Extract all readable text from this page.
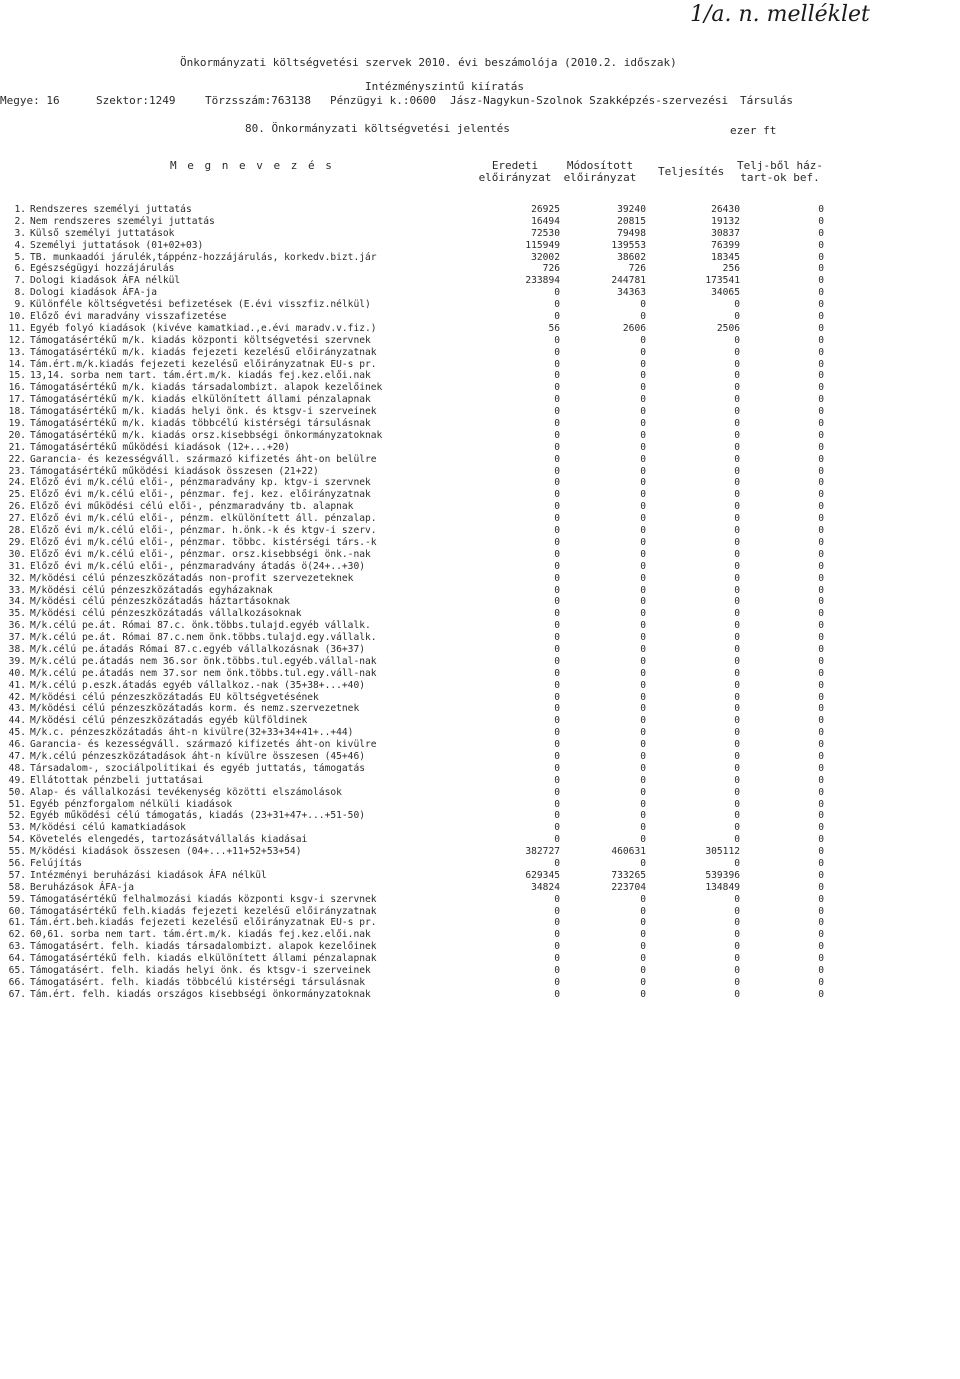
1/a. n. melléklet
Önkormányzati költségvetési szervek 2010. évi beszámolója (2010.2. időszak)
Intézményszintű kiíratás
Megye: 16	Szektor:1249	Törzsszám:763138 Pénzügyi k.:0600 Jász-Nagykun-Szolnok Szakképzés-szervezési Társulás
80. Önkormányzati költségvetési jelentés	ezer ft
M e g n e v e z é s	Eredeti
előirányzat
Módosított
előirányzat	Teljesítés	Telj-ből ház-
tart-ok bef.
1. Rendszeres személyi juttatás	26925	39240	26430	0
2. Nem rendszeres személyi juttatás	16494	20815	19132	0
3. Külső személyi juttatások	72530	79498	30837	0
4. Személyi juttatások (01+02+03)	115949	139553	76399	0
5. TB. munkaadói járulék,táppénz-hozzájárulás, korkedv.bizt.jár	32002	38602	18345	0
6. Egészségügyi hozzájárulás	726	726	256	0
7. Dologi kiadások ÁFA nélkül	233894	244781	173541	0
8. Dologi kiadások ÁFA-ja	0	34363	34065	0
9. Különféle költségvetési befizetések (E.évi visszfiz.nélkül)	0	0	0	0
10. Előző évi maradvány visszafizetése	0	0	0	0
11. Egyéb folyó kiadások (kivéve kamatkiad.,e.évi maradv.v.fiz.)	56	2606	2506	0
12. Támogatásértékű m/k. kiadás központi költségvetési szervnek	0	0	0	0
13. Támogatásértékű m/k. kiadás fejezeti kezelésű előirányzatnak	0	0	0	0
14. Tám.ért.m/k.kiadás fejezeti kezelésű előirányzatnak EU-s pr.	0	0	0	0
15. 13,14. sorba nem tart. tám.ért.m/k. kiadás fej.kez.elői.nak	0	0	0	0
16. Támogatásértékű m/k. kiadás társadalombizt. alapok kezelőinek	0	0	0	0
17. Támogatásértékű m/k. kiadás elkülönített állami pénzalapnak	0	0	0	0
18. Támogatásértékű m/k. kiadás helyi önk. és ktsgv-i szerveinek	0	0	0	0
19. Támogatásértékű m/k. kiadás többcélú kistérségi társulásnak	0	0	0	0
20. Támogatásértékű m/k. kiadás orsz.kisebbségi önkormányzatoknak	0	0	0	0
21. Támogatásértékű működési kiadások (12+...+20)	0	0	0	0
22. Garancia- és kezességváll. származó kifizetés áht-on belülre	0	0	0	0
23. Támogatásértékű működési kiadások összesen (21+22)	0	0	0	0
24. Előző évi m/k.célú elői-, pénzmaradvány kp. ktgv-i szervnek	0	0	0	0
25. Előző évi m/k.célú elői-, pénzmar. fej. kez. előirányzatnak	0	0	0	0
26. Előző évi működési célú elői-, pénzmaradvány tb. alapnak	0	0	0	0
27. Előző évi m/k.célú elői-, pénzm. elkülönített áll. pénzalap.	0	0	0	0
28. Előző évi m/k.célú elői-, pénzmar. h.önk.-k és ktgv-i szerv.	0	0	0	0
29. Előző évi m/k.célú elői-, pénzmar. többc. kistérségi társ.-k	0	0	0	0
30. Előző évi m/k.célú elői-, pénzmar. orsz.kisebbségi önk.-nak	0	0	0	0
31. Előző évi m/k.célú elői-, pénzmaradvány átadás ö(24+..+30)	0	0	0	0
32. M/ködési célú pénzeszközátadás non-profit szervezeteknek	0	0	0	0
33. M/ködési célú pénzeszközátadás egyházaknak	0	0	0	0
34. M/ködési célú pénzeszközátadás háztartásoknak	0	0	0	0
35. M/ködési célú pénzeszközátadás vállalkozásoknak	0	0	0	0
36. M/k.célú pe.át. Római 87.c. önk.többs.tulajd.egyéb vállalk.	0	0	0	0
37. M/k.célú pe.át. Római 87.c.nem önk.többs.tulajd.egy.vállalk.	0	0	0	0
38. M/k.célú pe.átadás Római 87.c.egyéb vállalkozásnak (36+37)	0	0	0	0
39. M/k.célú pe.átadás nem 36.sor önk.többs.tul.egyéb.vállal-nak	0	0	0	0
40. M/k.célú pe.átadás nem 37.sor nem önk.többs.tul.egy.váll-nak	0	0	0	0
41. M/k.célú p.eszk.átadás egyéb vállalkoz.-nak (35+38+...+40)	0	0	0	0
42. M/ködési célú pénzeszközátadás EU költségvetésének	0	0	0	0
43. M/ködési célú pénzeszközátadás korm. és nemz.szervezetnek	0	0	0	0
44. M/ködési célú pénzeszközátadás egyéb külföldinek	0	0	0	0
45. M/k.c. pénzeszközátadás áht-n kivülre(32+33+34+41+..+44)	0	0	0	0
46. Garancia- és kezességváll. származó kifizetés áht-on kivülre	0	0	0	0
47. M/k.célú pénzeszközátadások áht-n kívülre összesen (45+46)	0	0	0	0
48. Társadalom-, szociálpolitikai és egyéb juttatás, támogatás	0	0	0	0
49. Ellátottak pénzbeli juttatásai	0	0	0	0
50. Alap- és vállalkozási tevékenység közötti elszámolások	0	0	0	0
51. Egyéb pénzforgalom nélküli kiadások	0	0	0	0
52. Egyéb működési célú támogatás, kiadás (23+31+47+...+51-50)	0	0	0	0
53. M/ködési célú kamatkiadások	0	0	0	0
54. Követelés elengedés, tartozásátvállalás kiadásai	0	0	0	0
55. M/ködési kiadások összesen (04+...+11+52+53+54)	382727	460631	305112	0
56. Felújítás	0	0	0	0
57. Intézményi beruházási kiadások ÁFA nélkül	629345	733265	539396	0
58. Beruházások ÁFA-ja	34824	223704	134849	0
59. Támogatásértékű felhalmozási kiadás központi ksgv-i szervnek	0	0	0	0
60. Támogatásértékű felh.kiadás fejezeti kezelésű előirányzatnak	0	0	0	0
61. Tám.ért.beh.kiadás fejezeti kezelésű előirányzatnak EU-s pr.	0	0	0	0
62. 60,61. sorba nem tart. tám.ért.m/k. kiadás fej.kez.elői.nak	0	0	0	0
63. Támogatásért. felh. kiadás társadalombizt. alapok kezelőinek	0	0	0	0
64. Támogatásértékű felh. kiadás elkülönített állami pénzalapnak	0	0	0	0
65. Támogatásért. felh. kiadás helyi önk. és ktsgv-i szerveinek	0	0	0	0
66. Támogatásért. felh. kiadás többcélú kistérségi társulásnak	0	0	0	0
67. Tám.ért. felh. kiadás országos kisebbségi önkormányzatoknak	0	0	0	0
